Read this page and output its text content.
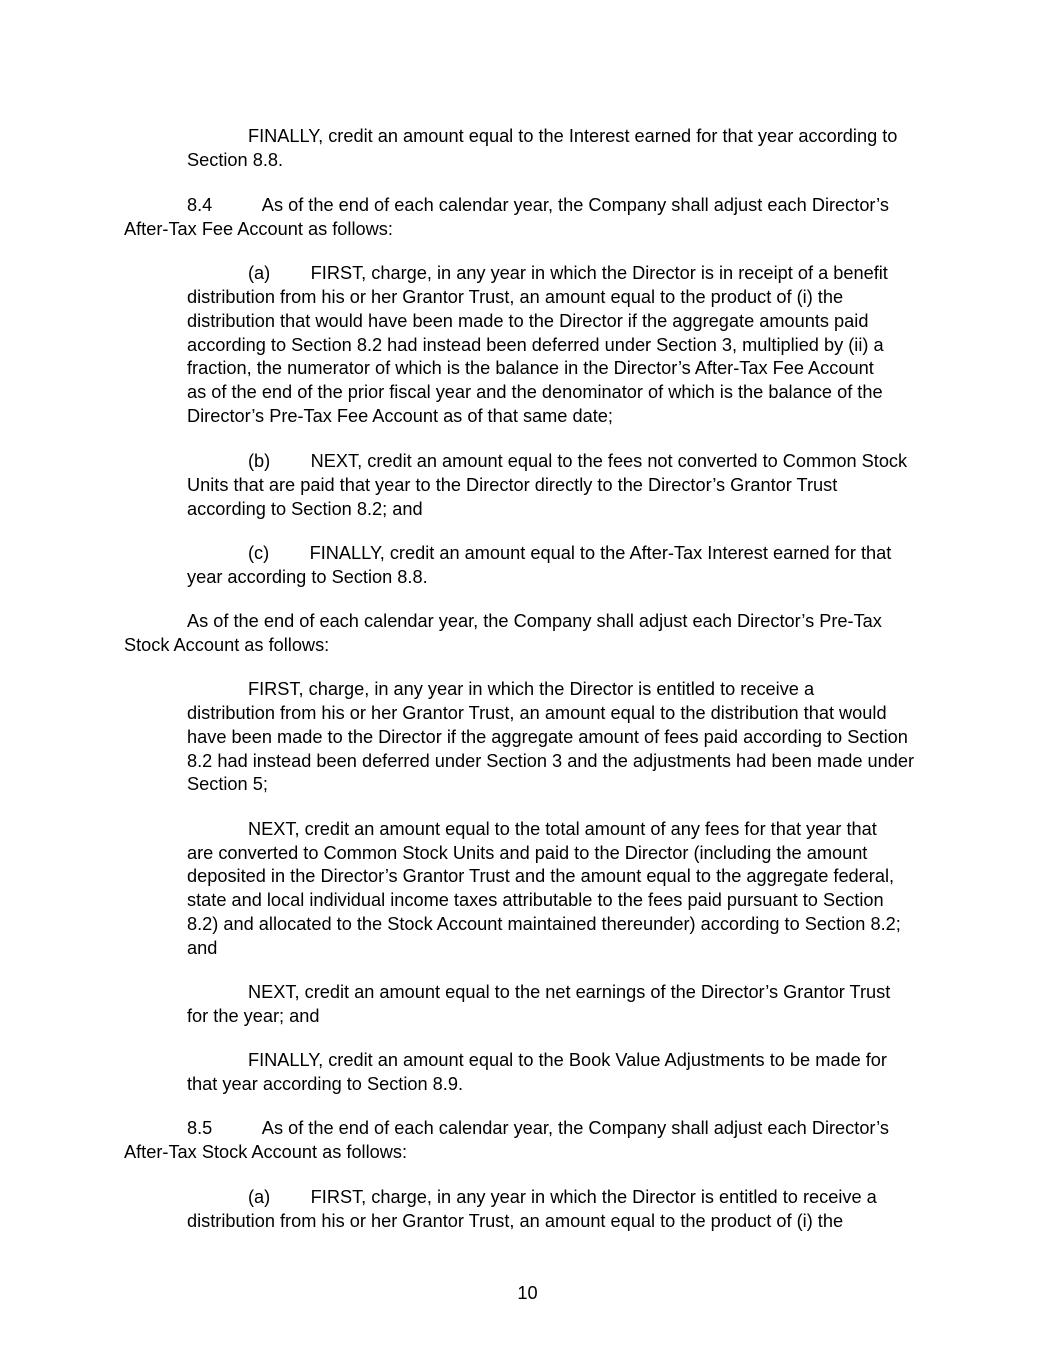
FINALLY, credit an amount equal to the Interest earned for that year according to

Section 8.8.

8.4          As of the end of each calendar year, the Company shall adjust each Director’s

After-Tax Fee Account as follows:

(a)        FIRST, charge, in any year in which the Director is in receipt of a benefit

distribution from his or her Grantor Trust, an amount equal to the product of (i) the

distribution that would have been made to the Director if the aggregate amounts paid

according to Section 8.2 had instead been deferred under Section 3, multiplied by (ii) a

fraction, the numerator of which is the balance in the Director’s After-Tax Fee Account

as of the end of the prior fiscal year and the denominator of which is the balance of the

Director’s Pre-Tax Fee Account as of that same date;

(b)        NEXT, credit an amount equal to the fees not converted to Common Stock

Units that are paid that year to the Director directly to the Director’s Grantor Trust

according to Section 8.2; and

(c)        FINALLY, credit an amount equal to the After-Tax Interest earned for that

year according to Section 8.8.

As of the end of each calendar year, the Company shall adjust each Director’s Pre-Tax

Stock Account as follows:

FIRST, charge, in any year in which the Director is entitled to receive a

distribution from his or her Grantor Trust, an amount equal to the distribution that would

have been made to the Director if the aggregate amount of fees paid according to Section

8.2 had instead been deferred under Section 3 and the adjustments had been made under

Section 5;

NEXT, credit an amount equal to the total amount of any fees for that year that

are converted to Common Stock Units and paid to the Director (including the amount

deposited in the Director’s Grantor Trust and the amount equal to the aggregate federal,

state and local individual income taxes attributable to the fees paid pursuant to Section

8.2) and allocated to the Stock Account maintained thereunder) according to Section 8.2;

and

NEXT, credit an amount equal to the net earnings of the Director’s Grantor Trust

for the year; and

FINALLY, credit an amount equal to the Book Value Adjustments to be made for

that year according to Section 8.9.

8.5          As of the end of each calendar year, the Company shall adjust each Director’s

After-Tax Stock Account as follows:

(a)        FIRST, charge, in any year in which the Director is entitled to receive a

distribution from his or her Grantor Trust, an amount equal to the product of (i) the

10
